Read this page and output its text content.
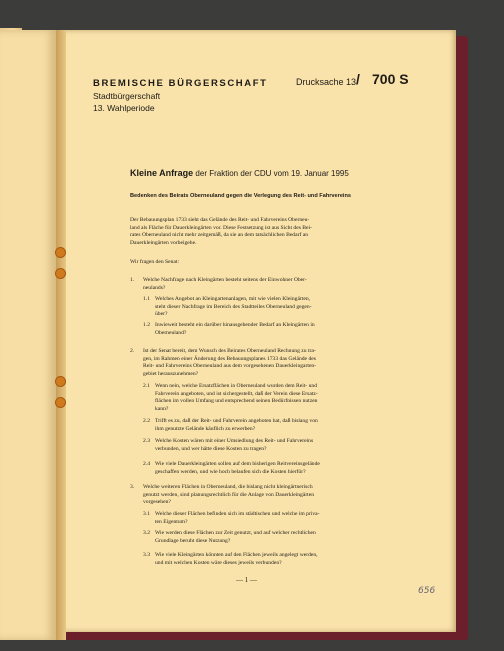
BREMISCHE BÜRGERSCHAFT
Stadtbürgerschaft
13. Wahlperiode
Drucksache 13 / 700 S
Kleine Anfrage der Fraktion der CDU vom 19. Januar 1995
Bedenken des Beirats Oberneuland gegen die Verlegung des Reit- und Fahrvereins
Der Bebauungsplan 1733 sieht das Gelände des Reit- und Fahrvereins Oberneu-
land als Fläche für Dauerkleingärten vor. Diese Festsetzung ist aus Sicht des Bei-
rates Oberneuland nicht mehr zeitgemäß, da sie an dem tatsächlichen Bedarf an
Dauerkleingärten vorbeigehe.
Wir fragen den Senat:
1. Welche Nachfrage nach Kleingärten besteht seitens der Einwohner Ober-
neulands?
1.1 Welches Angebot an Kleingartenanlagen, mit wie vielen Kleingärten,
steht dieser Nachfrage im Bereich des Stadtteiles Oberneuland gegen-
über?
1.2 Inwieweit besteht ein darüber hinausgehender Bedarf an Kleingärten in
Oberneuland?
2. Ist der Senat bereit, dem Wunsch des Beirates Oberneuland Rechnung zu tra-
gen, im Rahmen einer Änderung des Bebauungsplanes 1733 das Gelände des
Reit- und Fahrvereins Oberneuland aus dem vorgesehenen Dauerkleingarten-
gebiet herauszunehmen?
2.1 Wenn nein, welche Ersatzflächen in Oberneuland wurden dem Reit- und
Fahrverein angeboten, und ist sichergestellt, daß der Verein diese Ersatz-
flächen im vollen Umfang und entsprechend seinen Bedürfnissen nutzen
kann?
2.2 Trifft es zu, daß der Reit- und Fahrverein angeboten hat, daß bislang von
ihm genutzte Gelände käuflich zu erwerben?
2.3 Welche Kosten wären mit einer Umsiedlung des Reit- und Fahrvereins
verbunden, und wer hätte diese Kosten zu tragen?
2.4 Wie viele Dauerkleingärten sollen auf dem bisherigen Reitvereinsgelände
geschaffen werden, und wie hoch belaufen sich die Kosten hierfür?
3. Welche weiteren Flächen in Oberneuland, die bislang nicht kleingärtnerisch
genutzt werden, sind planungsrechtlich für die Anlage von Dauerkleingärten
vorgesehen?
3.1 Welche dieser Flächen befinden sich im städtischen und welche im priva-
ten Eigentum?
3.2 Wie werden diese Flächen zur Zeit genutzt, und auf welcher rechtlichen
Grundlage beruht diese Nutzung?
3.3 Wie viele Kleingärten könnten auf den Flächen jeweils angelegt werden,
und mit welchen Kosten wäre dieses jeweils verbunden?
— 1 —
656
